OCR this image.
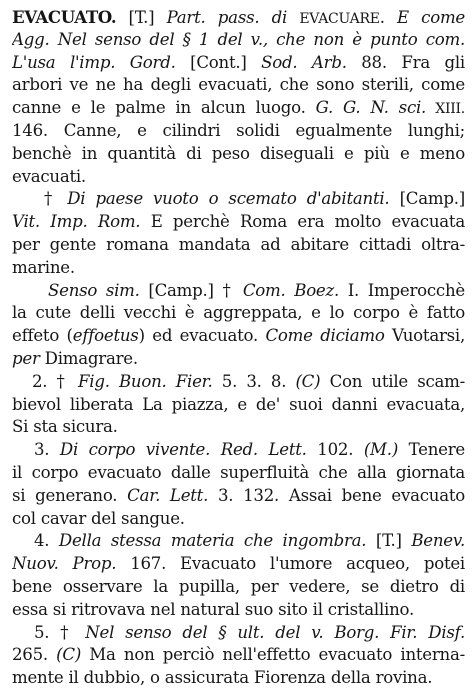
EVACUATO. [T.] Part. pass. di EVACUARE. E come
Agg. Nel senso del § 1 del v., che non è punto com.
L'usa l'imp. Gord. [Cont.] Sod. Arb. 88. Fra gli
arbori ve ne ha degli evacuati, che sono sterili, come
canne e le palme in alcun luogo. G. G. N. sci. XIII.
146. Canne, e cilindri solidi egualmente lunghi;
benchè in quantità di peso diseguali e più e meno
evacuati.
† Di paese vuoto o scemato d'abitanti. [Camp.]
Vit. Imp. Rom. E perchè Roma era molto evacuata
per gente romana mandata ad abitare cittadi oltra-
marine.
Senso sim. [Camp.] † Com. Boez. I. Imperocchè
la cute delli vecchi è aggreppata, e lo corpo è fatto
effeto (effoetus) ed evacuato. Come diciamo Vuotarsi,
per Dimagrare.
2. † Fig. Buon. Fier. 5. 3. 8. (C) Con utile scam-
bievol liberata La piazza, e de' suoi danni evacuata,
Si sta sicura.
3. Di corpo vivente. Red. Lett. 102. (M.) Tenere
il corpo evacuato dalle superfluità che alla giornata
si generano. Car. Lett. 3. 132. Assai bene evacuato
col cavar del sangue.
4. Della stessa materia che ingombra. [T.] Benev.
Nuov. Prop. 167. Evacuato l'umore acqueo, potei
bene osservare la pupilla, per vedere, se dietro di
essa si ritrovava nel natural suo sito il cristallino.
5. † Nel senso del § ult. del v. Borg. Fir. Disf.
265. (C) Ma non perciò nell'effetto evacuato interna-
mente il dubbio, o assicurata Fiorenza della rovina.
